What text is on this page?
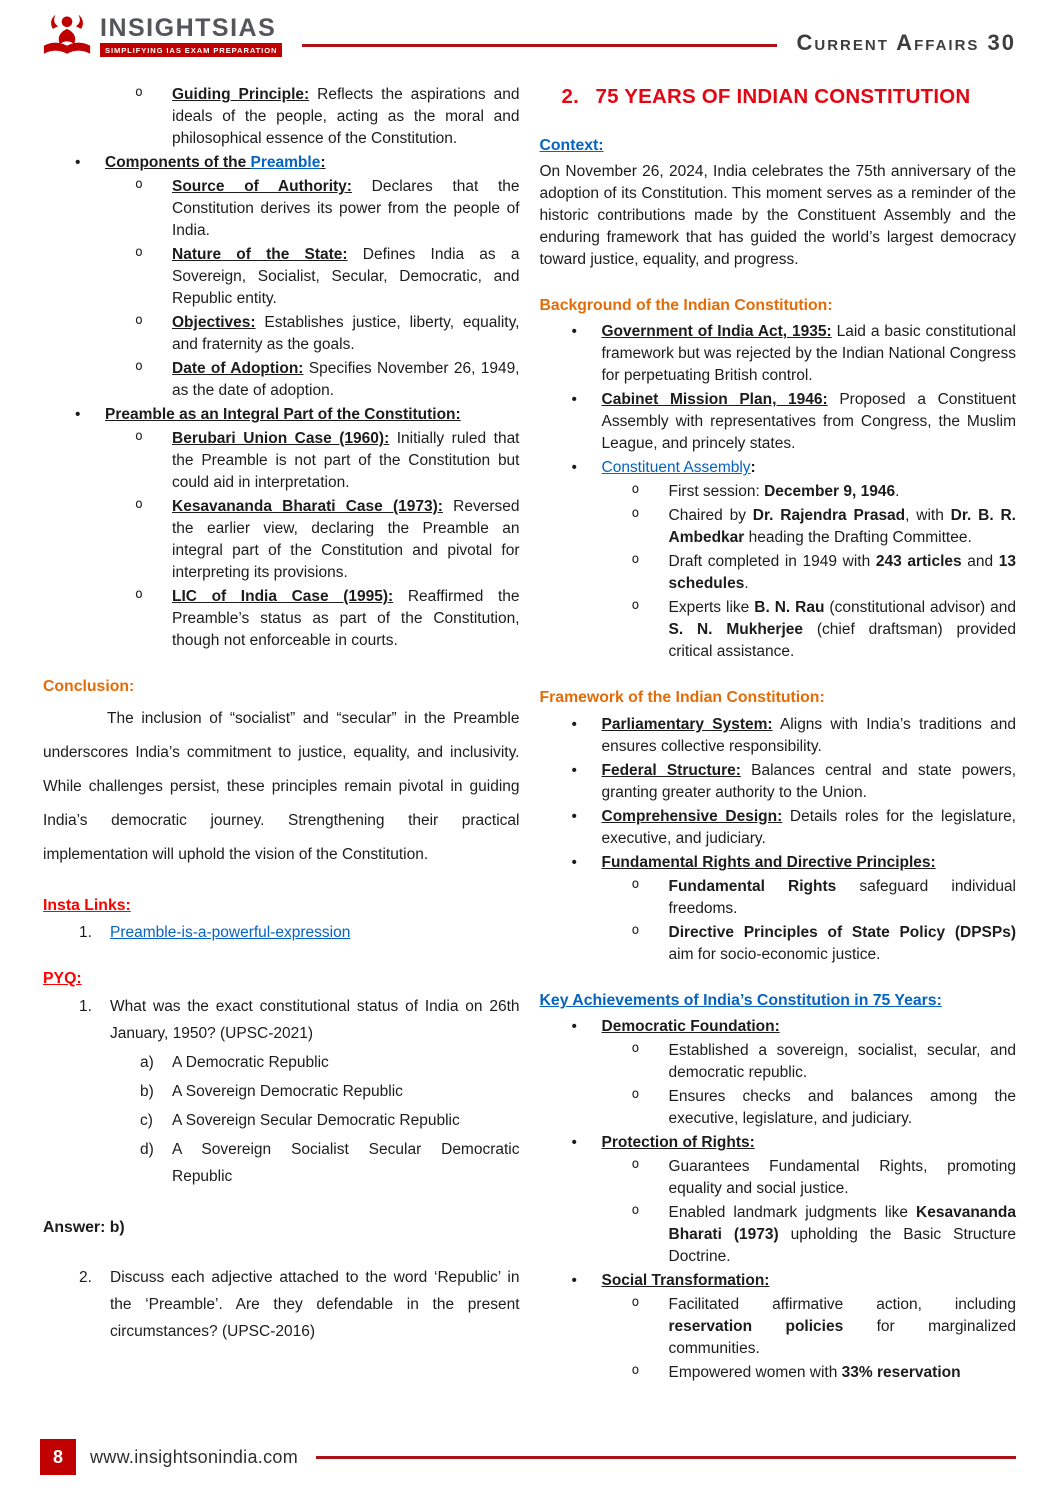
INSIGHTSIAS
SIMPLIFYING IAS EXAM PREPARATION	Current Affairs 30
o Guiding Principle: Reflects the aspirations and ideals of the people, acting as the moral and philosophical essence of the Constitution.
• Components of the Preamble:
o Source of Authority: Declares that the Constitution derives its power from the people of India.
o Nature of the State: Defines India as a Sovereign, Socialist, Secular, Democratic, and Republic entity.
o Objectives: Establishes justice, liberty, equality, and fraternity as the goals.
o Date of Adoption: Specifies November 26, 1949, as the date of adoption.
• Preamble as an Integral Part of the Constitution:
o Berubari Union Case (1960): Initially ruled that the Preamble is not part of the Constitution but could aid in interpretation.
o Kesavananda Bharati Case (1973): Reversed the earlier view, declaring the Preamble an integral part of the Constitution and pivotal for interpreting its provisions.
o LIC of India Case (1995): Reaffirmed the Preamble’s status as part of the Constitution, though not enforceable in courts.
Conclusion:
The inclusion of “socialist” and “secular” in the Preamble underscores India’s commitment to justice, equality, and inclusivity. While challenges persist, these principles remain pivotal in guiding India’s democratic journey. Strengthening their practical implementation will uphold the vision of the Constitution.
Insta Links:
1. Preamble-is-a-powerful-expression
PYQ:
1. What was the exact constitutional status of India on 26th January, 1950? (UPSC-2021)
a) A Democratic Republic
b) A Sovereign Democratic Republic
c) A Sovereign Secular Democratic Republic
d) A Sovereign Socialist Secular Democratic Republic
Answer: b)
2. Discuss each adjective attached to the word ‘Republic’ in the ‘Preamble’. Are they defendable in the present circumstances? (UPSC-2016)
2. 75 YEARS OF INDIAN CONSTITUTION
Context:
On November 26, 2024, India celebrates the 75th anniversary of the adoption of its Constitution. This moment serves as a reminder of the historic contributions made by the Constituent Assembly and the enduring framework that has guided the world’s largest democracy toward justice, equality, and progress.
Background of the Indian Constitution:
• Government of India Act, 1935: Laid a basic constitutional framework but was rejected by the Indian National Congress for perpetuating British control.
• Cabinet Mission Plan, 1946: Proposed a Constituent Assembly with representatives from Congress, the Muslim League, and princely states.
• Constituent Assembly:
o First session: December 9, 1946.
o Chaired by Dr. Rajendra Prasad, with Dr. B. R. Ambedkar heading the Drafting Committee.
o Draft completed in 1949 with 243 articles and 13 schedules.
o Experts like B. N. Rau (constitutional advisor) and S. N. Mukherjee (chief draftsman) provided critical assistance.
Framework of the Indian Constitution:
• Parliamentary System: Aligns with India’s traditions and ensures collective responsibility.
• Federal Structure: Balances central and state powers, granting greater authority to the Union.
• Comprehensive Design: Details roles for the legislature, executive, and judiciary.
• Fundamental Rights and Directive Principles:
o Fundamental Rights safeguard individual freedoms.
o Directive Principles of State Policy (DPSPs) aim for socio-economic justice.
Key Achievements of India’s Constitution in 75 Years:
• Democratic Foundation:
o Established a sovereign, socialist, secular, and democratic republic.
o Ensures checks and balances among the executive, legislature, and judiciary.
• Protection of Rights:
o Guarantees Fundamental Rights, promoting equality and social justice.
o Enabled landmark judgments like Kesavananda Bharati (1973) upholding the Basic Structure Doctrine.
• Social Transformation:
o Facilitated affirmative action, including reservation policies for marginalized communities.
o Empowered women with 33% reservation
8	www.insightsonindia.com
